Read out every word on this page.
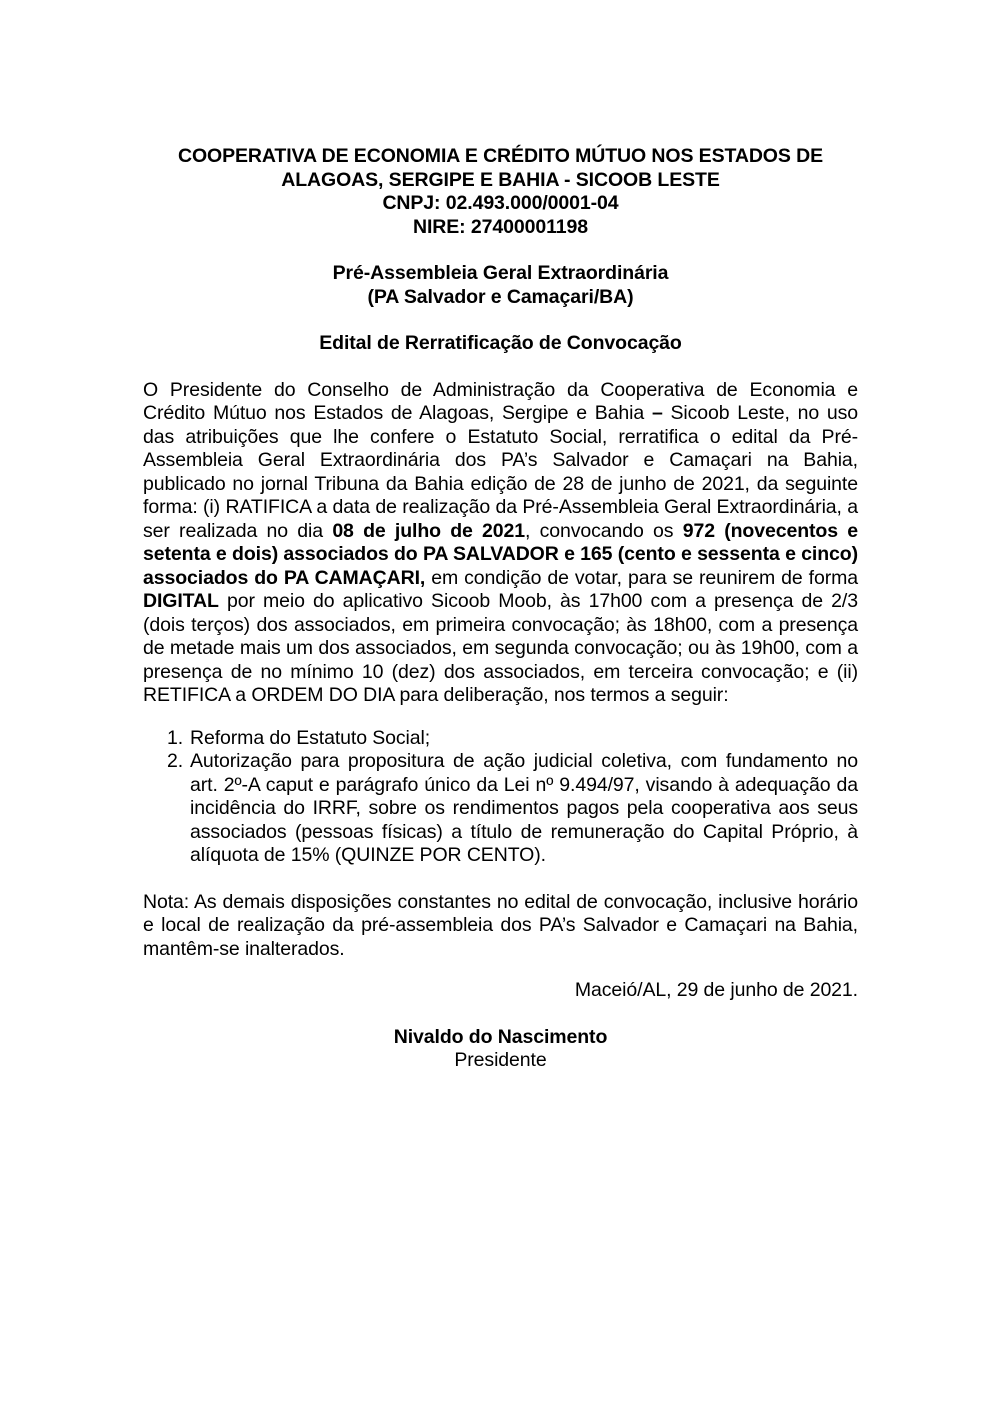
COOPERATIVA DE ECONOMIA E CRÉDITO MÚTUO NOS ESTADOS DE
ALAGOAS, SERGIPE E BAHIA - SICOOB LESTE
CNPJ: 02.493.000/0001-04
NIRE: 27400001198
Pré-Assembleia Geral Extraordinária
(PA Salvador e Camaçari/BA)
Edital de Rerratificação de Convocação

O Presidente do Conselho de Administração da Cooperativa de Economia e Crédito Mútuo nos Estados de Alagoas, Sergipe e Bahia – Sicoob Leste, no uso das atribuições que lhe confere o Estatuto Social, rerratifica o edital da Pré-Assembleia Geral Extraordinária dos PA’s Salvador e Camaçari na Bahia, publicado no jornal Tribuna da Bahia edição de 28 de junho de 2021, da seguinte forma: (i) RATIFICA a data de realização da Pré-Assembleia Geral Extraordinária, a ser realizada no dia 08 de julho de 2021, convocando os 972 (novecentos e setenta e dois) associados do PA SALVADOR e 165 (cento e sessenta e cinco) associados do PA CAMAÇARI, em condição de votar, para se reunirem de forma DIGITAL por meio do aplicativo Sicoob Moob, às 17h00 com a presença de 2/3 (dois terços) dos associados, em primeira convocação; às 18h00, com a presença de metade mais um dos associados, em segunda convocação; ou às 19h00, com a presença de no mínimo 10 (dez) dos associados, em terceira convocação; e (ii) RETIFICA a ORDEM DO DIA para deliberação, nos termos a seguir:

1. Reforma do Estatuto Social;
2. Autorização para propositura de ação judicial coletiva, com fundamento no art. 2º-A caput e parágrafo único da Lei nº 9.494/97, visando à adequação da incidência do IRRF, sobre os rendimentos pagos pela cooperativa aos seus associados (pessoas físicas) a título de remuneração do Capital Próprio, à alíquota de 15% (QUINZE POR CENTO).

Nota: As demais disposições constantes no edital de convocação, inclusive horário e local de realização da pré-assembleia dos PA’s Salvador e Camaçari na Bahia, mantêm-se inalterados.

Maceió/AL, 29 de junho de 2021.
Nivaldo do Nascimento
Presidente
